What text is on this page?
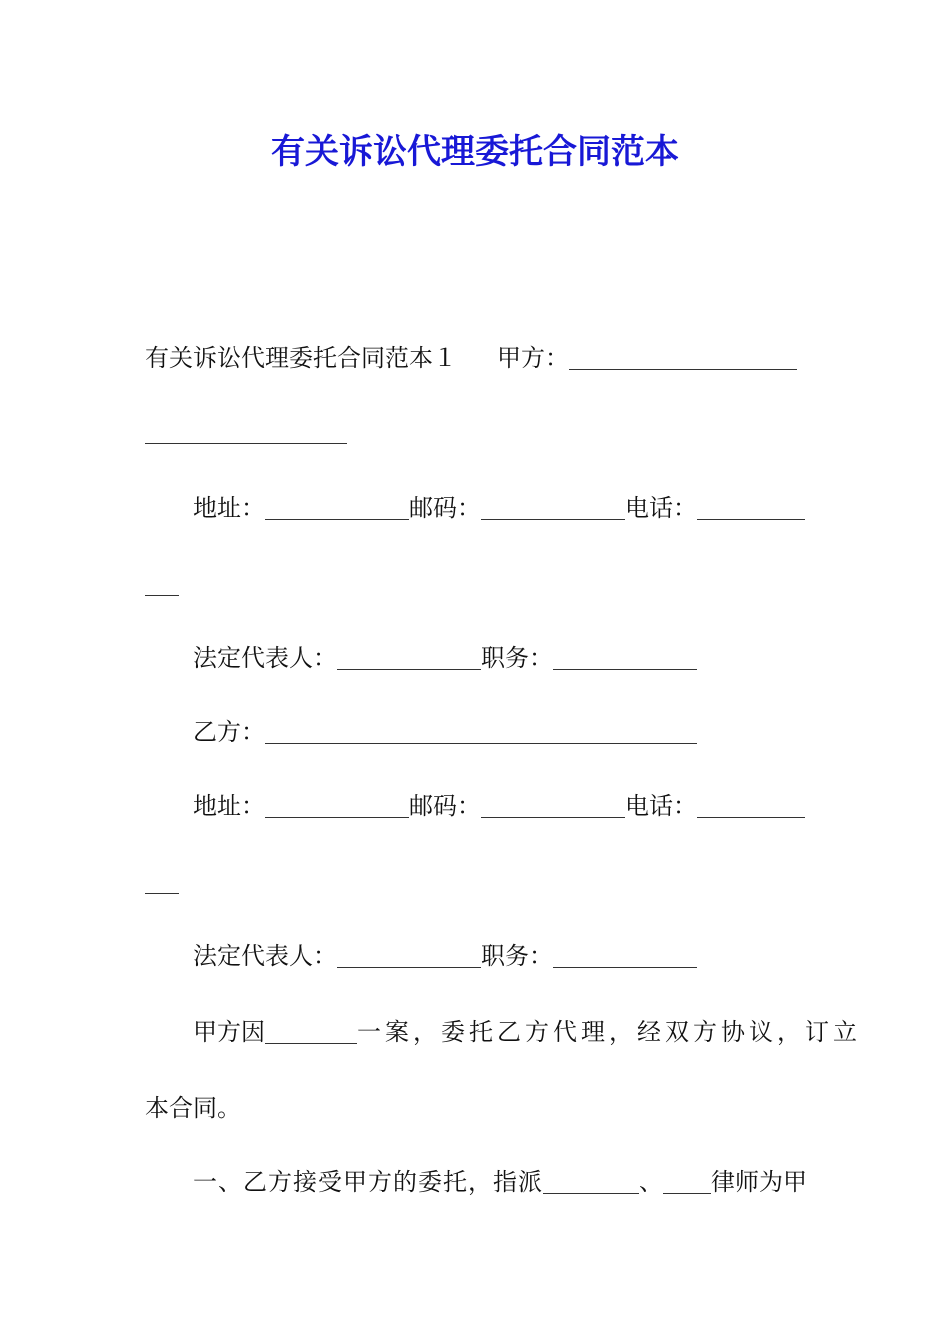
有关诉讼代理委托合同范本
有关诉讼代理委托合同范本１ 甲方：
地址：	邮码：	电话：
法定代表人：	职务：
乙方：
地址：	邮码：	电话：
法定代表人：	职务：
甲方因	一案，委托乙方代理，经双方协议，订立
本合同。
一、乙方接受甲方的委托，指派	、 律师为甲
